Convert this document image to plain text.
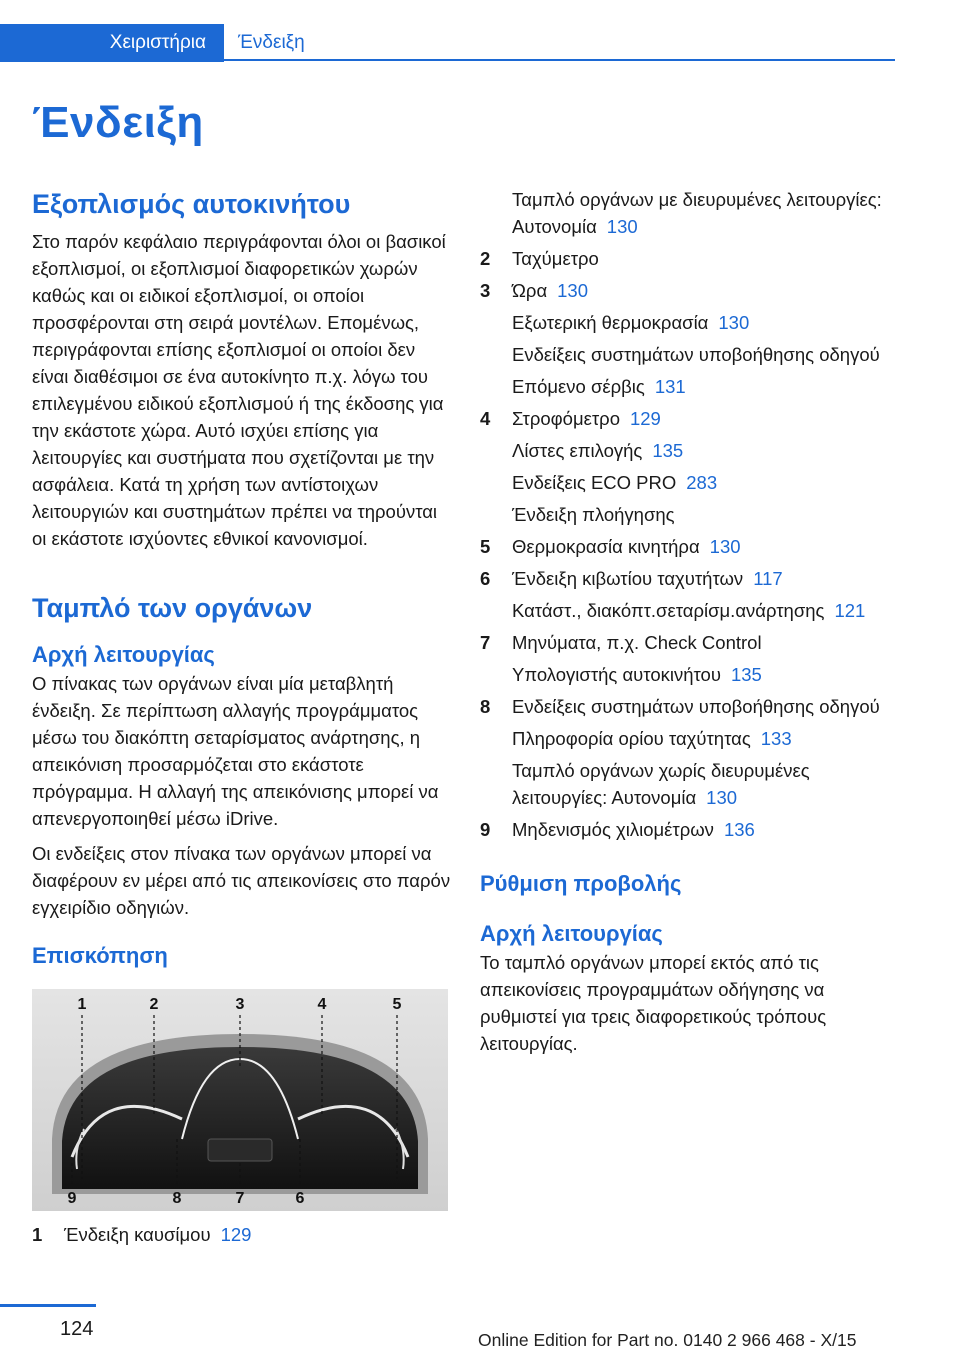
Χειριστήρια	Ένδειξη
Ένδειξη
Εξοπλισμός αυτοκινήτου

Στο παρόν κεφάλαιο περιγράφονται όλοι οι βασικοί εξοπλισμοί, οι εξοπλισμοί διαφορετικών χωρών καθώς και οι ειδικοί εξοπλισμοί, οι οποίοι προσφέρονται στη σειρά μοντέλων. Επομένως, περιγράφονται επίσης εξοπλισμοί οι οποίοι δεν είναι διαθέσιμοι σε ένα αυτοκίνητο π.χ. λόγω του επιλεγμένου ειδικού εξοπλισμού ή της έκδοσης για την εκάστοτε χώρα. Αυτό ισχύει επίσης για λειτουργίες και συστήματα που σχετίζονται με την ασφάλεια. Κατά τη χρήση των αντίστοιχων λειτουργιών και συστημάτων πρέπει να τηρούνται οι εκάστοτε ισχύοντες εθνικοί κανονισμοί.

Ταμπλό των οργάνων
Αρχή λειτουργίας

Ο πίνακας των οργάνων είναι μία μεταβλητή ένδειξη. Σε περίπτωση αλλαγής προγράμματος μέσω του διακόπτη σεταρίσματος ανάρτησης, η απεικόνιση προσαρμόζεται στο εκάστοτε πρόγραμμα. Η αλλαγή της απεικόνισης μπορεί να απενεργοποιηθεί μέσω iDrive.

Οι ενδείξεις στον πίνακα των οργάνων μπορεί να διαφέρουν εν μέρει από τις απεικονίσεις στο παρόν εγχειρίδιο οδηγιών.

Επισκόπηση
1	2	3	4	5
9	8	7	6
1	Ένδειξη καυσίμου 129
Ταμπλό οργάνων με διευρυμένες λειτουργίες: Αυτονομία 130
2	Ταχύμετρο
3	Ώρα 130
Εξωτερική θερμοκρασία 130
Ενδείξεις συστημάτων υποβοήθησης οδηγού
Επόμενο σέρβις 131
4	Στροφόμετρο 129
Λίστες επιλογής 135
Ενδείξεις ECO PRO 283
Ένδειξη πλοήγησης
5	Θερμοκρασία κινητήρα 130
6	Ένδειξη κιβωτίου ταχυτήτων 117
Κατάστ., διακόπτ.σεταρίσμ.ανάρτησης 121
7	Μηνύματα, π.χ. Check Control
Υπολογιστής αυτοκινήτου 135
8	Ενδείξεις συστημάτων υποβοήθησης οδηγού
Πληροφορία ορίου ταχύτητας 133
Ταμπλό οργάνων χωρίς διευρυμένες λειτουργίες: Αυτονομία 130
9	Μηδενισμός χιλιομέτρων 136
Ρύθμιση προβολής
Αρχή λειτουργίας

Το ταμπλό οργάνων μπορεί εκτός από τις απεικονίσεις προγραμμάτων οδήγησης να ρυθμιστεί για τρεις διαφορετικούς τρόπους λειτουργίας.

124	Online Edition for Part no. 0140 2 966 468 - X/15
